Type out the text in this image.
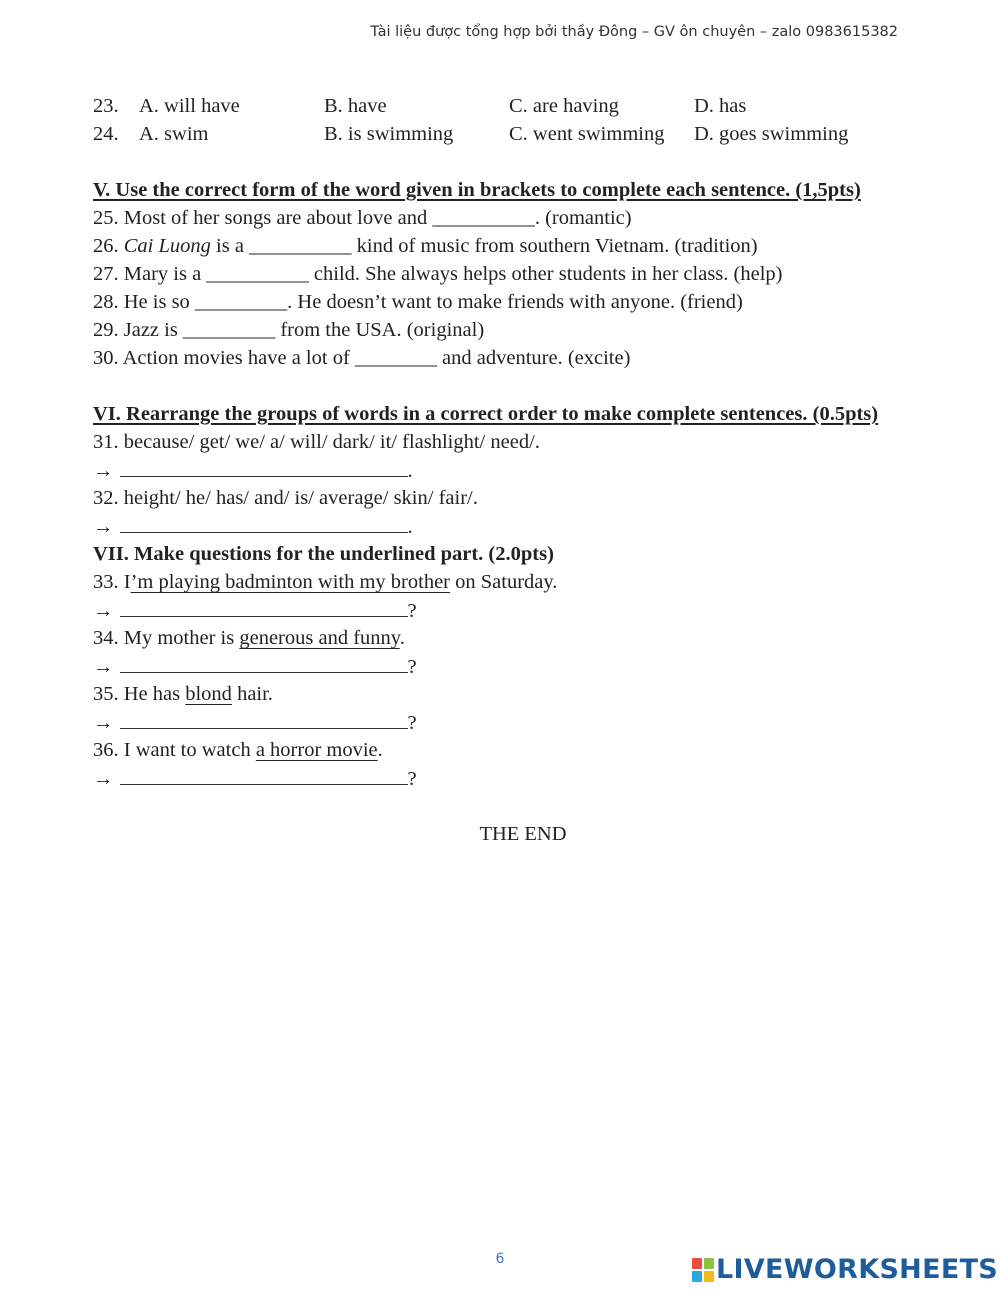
Tài liệu được tổng hợp bởi thầy Đông – GV ôn chuyên – zalo 0983615382

23.

A. will have

	B. have

	C. are having

	D. has

24.

A. swim

	B. is swimming

	C. went swimming

D. goes swimming

V. Use the correct form of the word given in brackets to complete each sentence. (1,5pts)
25. Most of her songs are about love and __________. (romantic)
26. Cai Luong is a __________ kind of music from southern Vietnam. (tradition)
27. Mary is a __________ child. She always helps other students in her class. (help)
28. He is so _________. He doesn’t want to make friends with anyone. (friend)
29. Jazz is _________ from the USA. (original)
30. Action movies have a lot of ________ and adventure. (excite)
VI. Rearrange the groups of words in a correct order to make complete sentences. (0.5pts)
31. because/ get/ we/ a/ will/ dark/ it/ flashlight/ need/.
→	.
32. height/ he/ has/ and/ is/ average/ skin/ fair/.
→	.
VII. Make questions for the underlined part. (2.0pts)
33. I’m playing badminton with my brother on Saturday.
→	?
34. My mother is generous and funny.
→	?
35. He has blond hair.
→	?
36. I want to watch a horror movie.
→	?
THE END
6	LIVEWORKSHEETS
